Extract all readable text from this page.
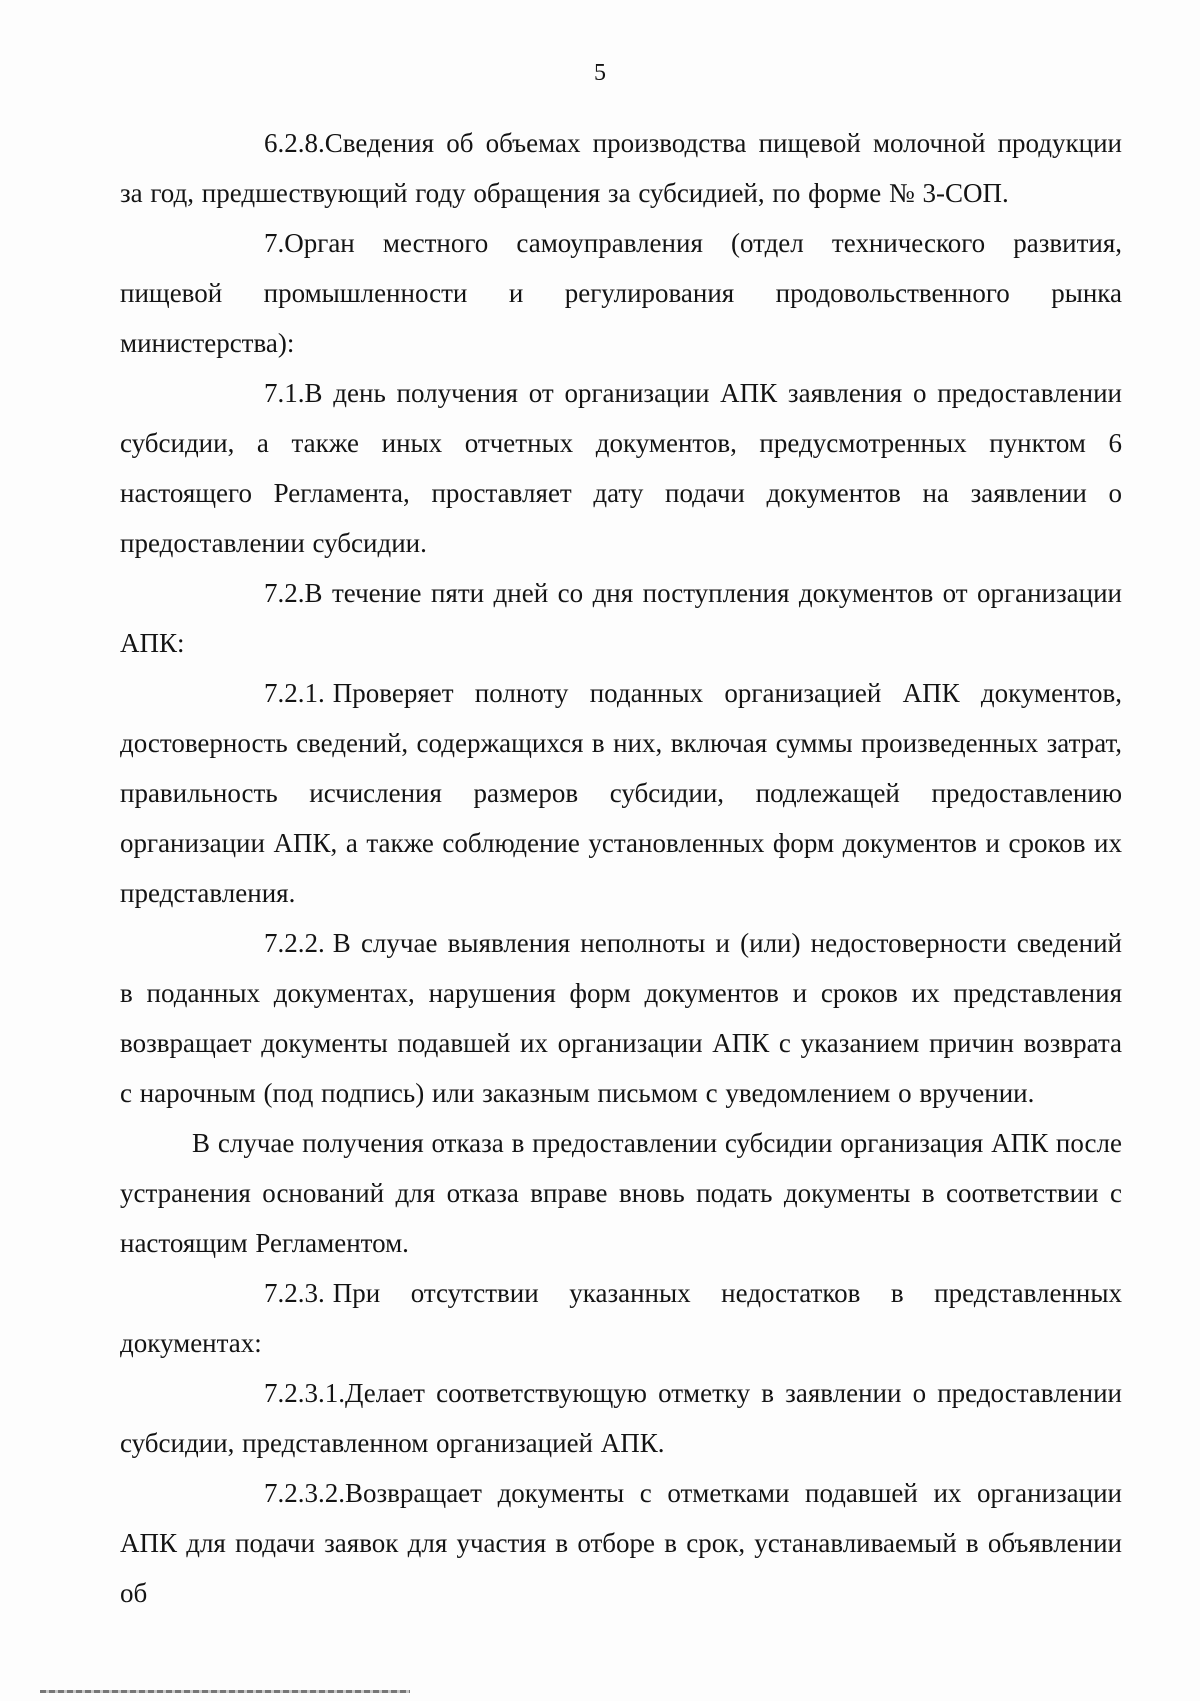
5

6.2.8.Сведения об объемах производства пищевой молочной продукции за год, предшествующий году обращения за субсидией, по форме № 3-СОП.

7.Орган местного самоуправления (отдел технического развития, пищевой промышленности и регулирования продовольственного рынка министерства):

7.1.В день получения от организации АПК заявления о предоставлении субсидии, а также иных отчетных документов, предусмотренных пунктом 6 настоящего Регламента, проставляет дату подачи документов на заявлении о предоставлении субсидии.

7.2.В течение пяти дней со дня поступления документов от организации АПК:

7.2.1. Проверяет полноту поданных организацией АПК документов, достоверность сведений, содержащихся в них, включая суммы произведенных затрат, правильность исчисления размеров субсидии, подлежащей предоставлению организации АПК, а также соблюдение установленных форм документов и сроков их представления.

7.2.2. В случае выявления неполноты и (или) недостоверности сведений в поданных документах, нарушения форм документов и сроков их представления возвращает документы подавшей их организации АПК с указанием причин возврата с нарочным (под подпись) или заказным письмом с уведомлением о вручении.

В случае получения отказа в предоставлении субсидии организация АПК после устранения оснований для отказа вправе вновь подать документы в соответствии с настоящим Регламентом.

7.2.3. При отсутствии указанных недостатков в представленных документах:

7.2.3.1.Делает соответствующую отметку в заявлении о предоставлении субсидии, представленном организацией АПК.

7.2.3.2.Возвращает документы с отметками подавшей их организации АПК для подачи заявок для участия в отборе в срок, устанавливаемый в объявлении об
